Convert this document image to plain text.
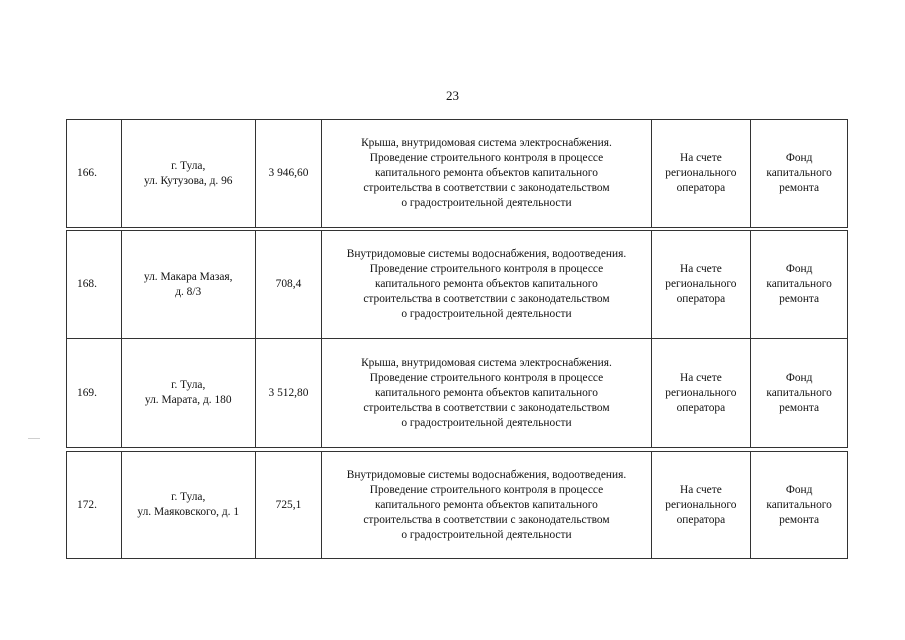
23
166.
г. Тула,
ул. Кутузова, д. 96
3 946,60
Крыша, внутридомовая система электроснабжения.
Проведение строительного контроля в процессе
капитального ремонта объектов капитального
строительства в соответствии с законодательством
о градостроительной деятельности
На счете
регионального
оператора
Фонд
капитального
ремонта
168.
ул. Макара Мазая,
д. 8/3
708,4
Внутридомовые системы водоснабжения, водоотведения.
Проведение строительного контроля в процессе
капитального ремонта объектов капитального
строительства в соответствии с законодательством
о градостроительной деятельности
На счете
регионального
оператора
Фонд
капитального
ремонта
169.
г. Тула,
ул. Марата, д. 180
3 512,80
Крыша, внутридомовая система электроснабжения.
Проведение строительного контроля в процессе
капитального ремонта объектов капитального
строительства в соответствии с законодательством
о градостроительной деятельности
На счете
регионального
оператора
Фонд
капитального
ремонта
172.
г. Тула,
ул. Маяковского, д. 1
725,1
Внутридомовые системы водоснабжения, водоотведения.
Проведение строительного контроля в процессе
капитального ремонта объектов капитального
строительства в соответствии с законодательством
о градостроительной деятельности
На счете
регионального
оператора
Фонд
капитального
ремонта
